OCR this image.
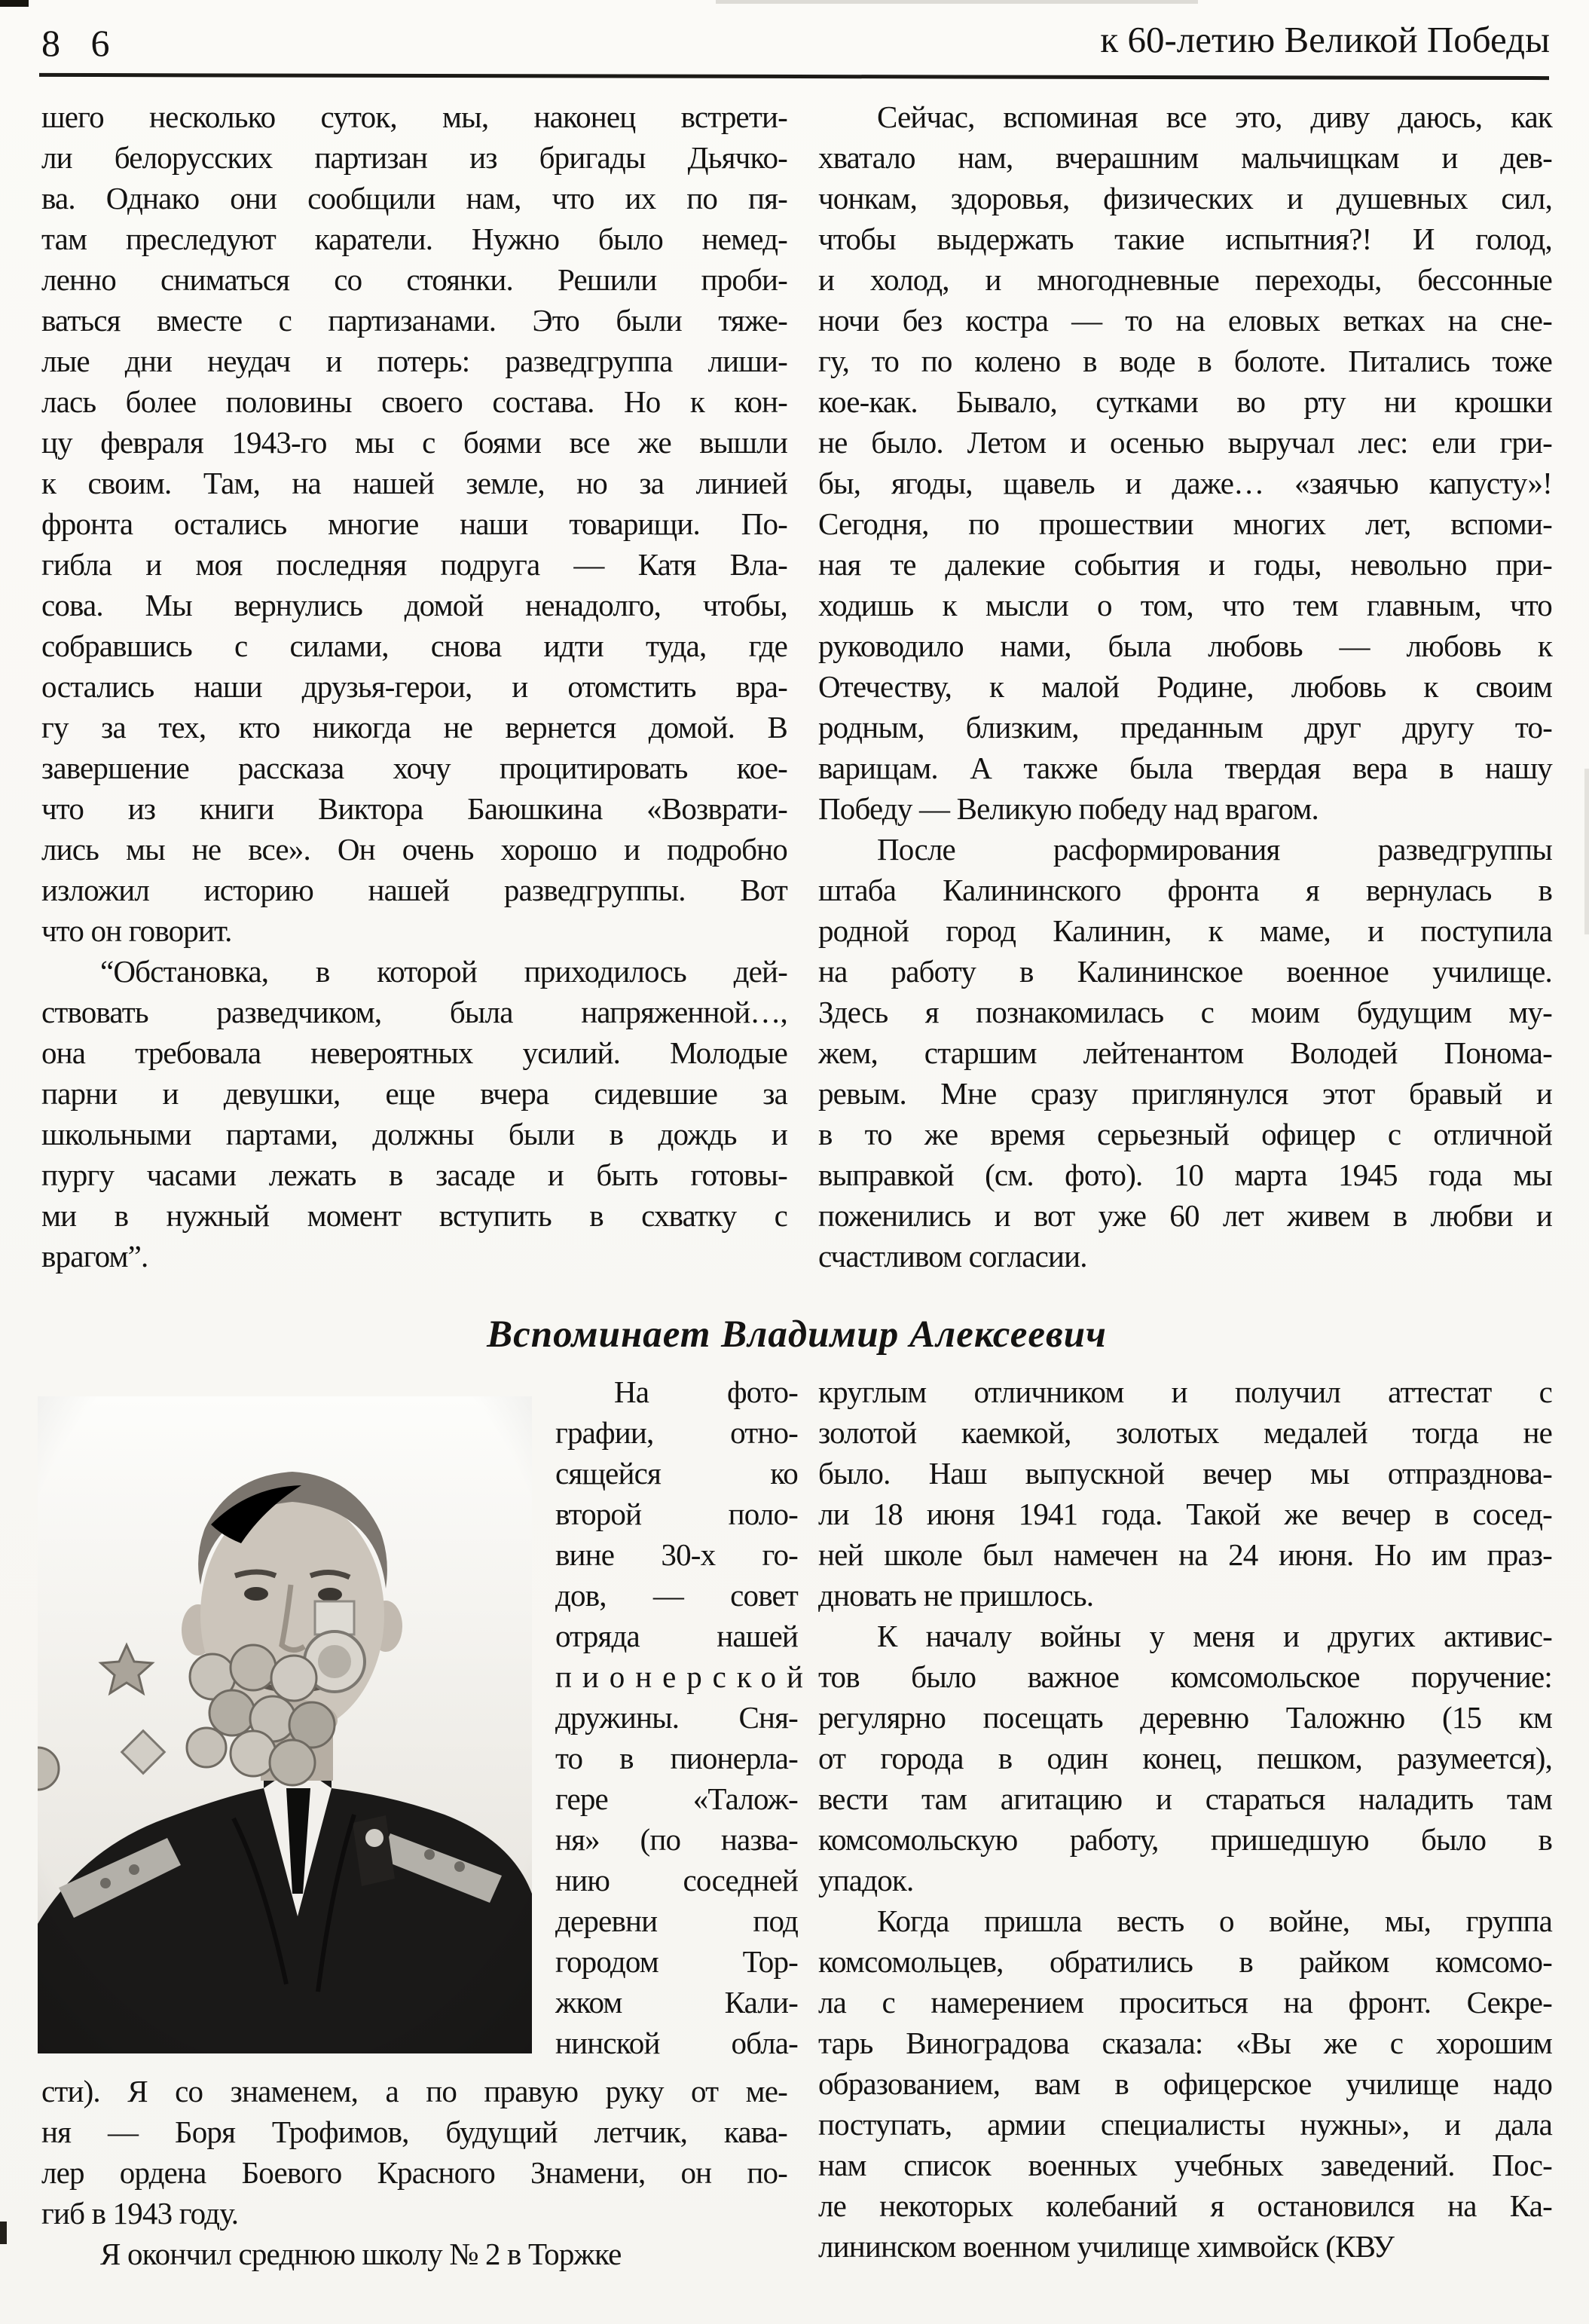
8 6	к 60-летию Великой Победы
шего несколько суток, мы, наконец встрети-
ли белорусских партизан из бригады Дьячко-
ва. Однако они сообщили нам, что их по пя-
там преследуют каратели. Нужно было немед-
ленно сниматься со стоянки. Решили проби-
ваться вместе с партизанами. Это были тяже-
лые дни неудач и потерь: разведгруппа лиши-
лась более половины своего состава. Но к кон-
цу февраля 1943-го мы с боями все же вышли
к своим. Там, на нашей земле, но за линией
фронта остались многие наши товарищи. По-
гибла и моя последняя подруга — Катя Вла-
сова. Мы вернулись домой ненадолго, чтобы,
собравшись с силами, снова идти туда, где
остались наши друзья-герои, и отомстить вра-
гу за тех, кто никогда не вернется домой. В
завершение рассказа хочу процитировать кое-
что из книги Виктора Баюшкина «Возврати-
лись мы не все». Он очень хорошо и подробно
изложил историю нашей разведгруппы. Вот
что он говорит.
“Обстановка, в которой приходилось дей-
ствовать разведчиком, была напряженной…,
она требовала невероятных усилий. Молодые
парни и девушки, еще вчера сидевшие за
школьными партами, должны были в дождь и
пургу часами лежать в засаде и быть готовы-
ми в нужный момент вступить в схватку с
врагом”.
Сейчас, вспоминая все это, диву даюсь, как
хватало нам, вчерашним мальчищкам и дев-
чонкам, здоровья, физических и душевных сил,
чтобы выдержать такие испытния?! И голод,
и холод, и многодневные переходы, бессонные
ночи без костра — то на еловых ветках на сне-
гу, то по колено в воде в болоте. Питались тоже
кое-как. Бывало, сутками во рту ни крошки
не было. Летом и осенью выручал лес: ели гри-
бы, ягоды, щавель и даже… «заячью капусту»!
Сегодня, по прошествии многих лет, вспоми-
ная те далекие события и годы, невольно при-
ходишь к мысли о том, что тем главным, что
руководило нами, была любовь — любовь к
Отечеству, к малой Родине, любовь к своим
родным, близким, преданным друг другу то-
варищам. А также была твердая вера в нашу
Победу — Великую победу над врагом.
После расформирования разведгруппы
штаба Калининского фронта я вернулась в
родной город Калинин, к маме, и поступила
на работу в Калининское военное училище.
Здесь я познакомилась с моим будущим му-
жем, старшим лейтенантом Володей Понома-
ревым. Мне сразу приглянулся этот бравый и
в то же время серьезный офицер с отличной
выправкой (см. фото). 10 марта 1945 года мы
поженились и вот уже 60 лет живем в любви и
счастливом согласии.
Вспоминает Владимир Алексеевич
На фото-
графии, отно-
сящейся ко
второй поло-
вине 30-х го-
дов, — совет
отряда нашей
пионерской
дружины. Сня-
то в пионерла-
гере «Талож-
ня» (по назва-
нию соседней
деревни под
городом Тор-
жком Кали-
нинской обла-
круглым отличником и получил аттестат с
золотой каемкой, золотых медалей тогда не
было. Наш выпускной вечер мы отпразднова-
ли 18 июня 1941 года. Такой же вечер в сосед-
ней школе был намечен на 24 июня. Но им праз-
дновать не пришлось.
К началу войны у меня и других активис-
тов было важное комсомольское поручение:
регулярно посещать деревню Таложню (15 км
от города в один конец, пешком, разумеется),
вести там агитацию и стараться наладить там
комсомольскую работу, пришедшую было в
упадок.
Когда пришла весть о войне, мы, группа
комсомольцев, обратились в райком комсомо-
ла с намерением проситься на фронт. Секре-
тарь Виноградова сказала: «Вы же с хорошим
образованием, вам в офицерское училище надо
поступать, армии специалисты нужны», и дала
нам список военных учебных заведений. Пос-
ле некоторых колебаний я остановился на Ка-
лининском военном училище химвойск (КВУ
сти). Я со знаменем, а по правую руку от ме-
ня — Боря Трофимов, будущий летчик, кава-
лер ордена Боевого Красного Знамени, он по-
гиб в 1943 году.
Я окончил среднюю школу № 2 в Торжке
